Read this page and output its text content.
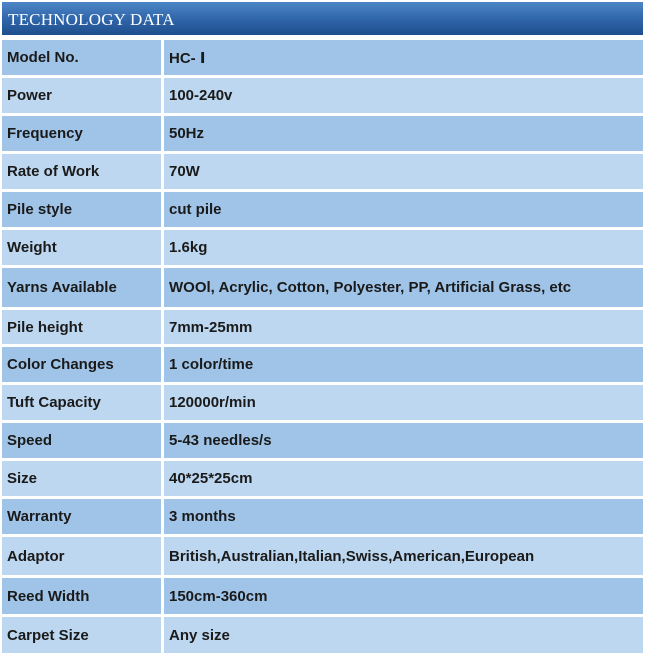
TECHNOLOGY DATA
Model No.	HC- Ⅰ
Power	100-240v
Frequency	50Hz
Rate of Work	70W
Pile style	cut pile
Weight	1.6kg
Yarns Available	WOOl, Acrylic, Cotton, Polyester, PP, Artificial Grass, etc
Pile height	7mm-25mm
Color Changes	1 color/time
Tuft Capacity	120000r/min
Speed	5-43 needles/s
Size	40*25*25cm
Warranty	3 months
Adaptor	British,Australian,Italian,Swiss,American,European
Reed Width	150cm-360cm
Carpet Size	Any size
